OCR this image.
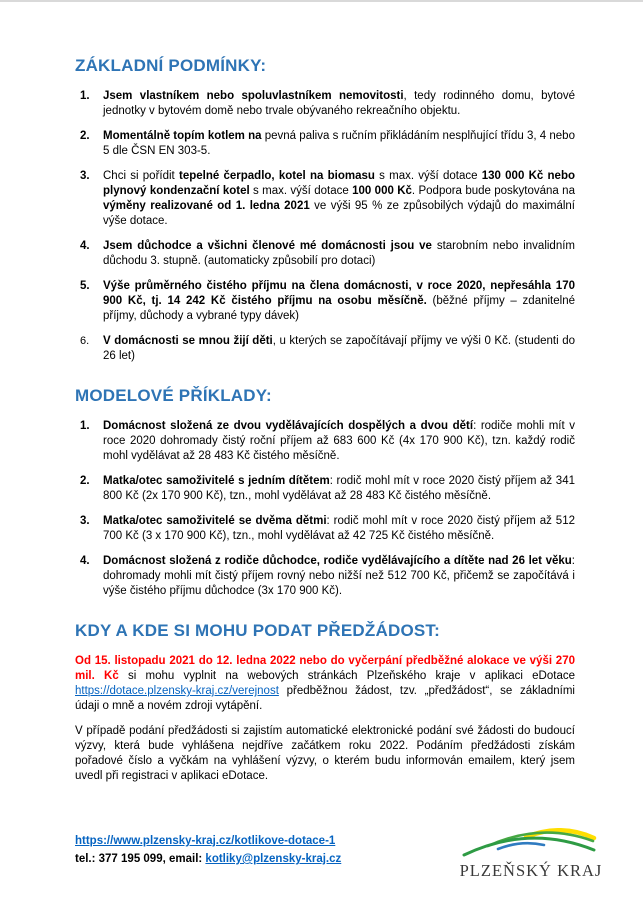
ZÁKLADNÍ PODMÍNKY:
1.	Jsem vlastníkem nebo spoluvlastníkem nemovitosti, tedy rodinného domu, bytové jednotky v bytovém domě nebo trvale obývaného rekreačního objektu.
2.	Momentálně topím kotlem na pevná paliva s ručním přikládáním nesplňující třídu 3, 4 nebo 5 dle ČSN EN 303-5.
3.	Chci si pořídit tepelné čerpadlo, kotel na biomasu s max. výší dotace 130 000 Kč nebo plynový kondenzační kotel s max. výší dotace 100 000 Kč. Podpora bude poskytována na výměny realizované od 1. ledna 2021 ve výši 95 % ze způsobilých výdajů do maximální výše dotace.
4.	Jsem důchodce a všichni členové mé domácnosti jsou ve starobním nebo invalidním důchodu 3. stupně. (automaticky způsobilí pro dotaci)
5.	Výše průměrného čistého příjmu na člena domácnosti, v roce 2020, nepřesáhla 170 900 Kč, tj. 14 242 Kč čistého příjmu na osobu měsíčně. (běžné příjmy – zdanitelné příjmy, důchody a vybrané typy dávek)
6.	V domácnosti se mnou žijí děti, u kterých se započítávají příjmy ve výši 0 Kč. (studenti do 26 let)
MODELOVÉ PŘÍKLADY:
1.	Domácnost složená ze dvou vydělávajících dospělých a dvou dětí: rodiče mohli mít v roce 2020 dohromady čistý roční příjem až 683 600 Kč (4x 170 900 Kč), tzn. každý rodič mohl vydělávat až 28 483 Kč čistého měsíčně.
2.	Matka/otec samoživitelé s jedním dítětem: rodič mohl mít v roce 2020 čistý příjem až 341 800 Kč (2x 170 900 Kč), tzn., mohl vydělávat až 28 483 Kč čistého měsíčně.
3.	Matka/otec samoživitelé se dvěma dětmi: rodič mohl mít v roce 2020 čistý příjem až 512 700 Kč (3 x 170 900 Kč), tzn., mohl vydělávat až 42 725 Kč čistého měsíčně.
4.	Domácnost složená z rodiče důchodce, rodiče vydělávajícího a dítěte nad 26 let věku: dohromady mohli mít čistý příjem rovný nebo nižší než 512 700 Kč, přičemž se započítává i výše čistého příjmu důchodce (3x 170 900 Kč).
KDY A KDE SI MOHU PODAT PŘEDŽÁDOST:

Od 15. listopadu 2021 do 12. ledna 2022 nebo do vyčerpání předběžné alokace ve výši 270 mil. Kč si mohu vyplnit na webových stránkách Plzeňského kraje v aplikaci eDotace https://dotace.plzensky-kraj.cz/verejnost předběžnou žádost, tzv. „předžádost“, se základními údaji o mně a novém zdroji vytápění.

V případě podání předžádosti si zajistím automatické elektronické podání své žádosti do budoucí výzvy, která bude vyhlášena nejdříve začátkem roku 2022. Podáním předžádosti získám pořadové číslo a vyčkám na vyhlášení výzvy, o kterém budu informován emailem, který jsem uvedl při registraci v aplikaci eDotace.

https://www.plzensky-kraj.cz/kotlikove-dotace-1
tel.: 377 195 099, email: kotliky@plzensky-kraj.cz
PLZEŇSKÝ KRAJ
